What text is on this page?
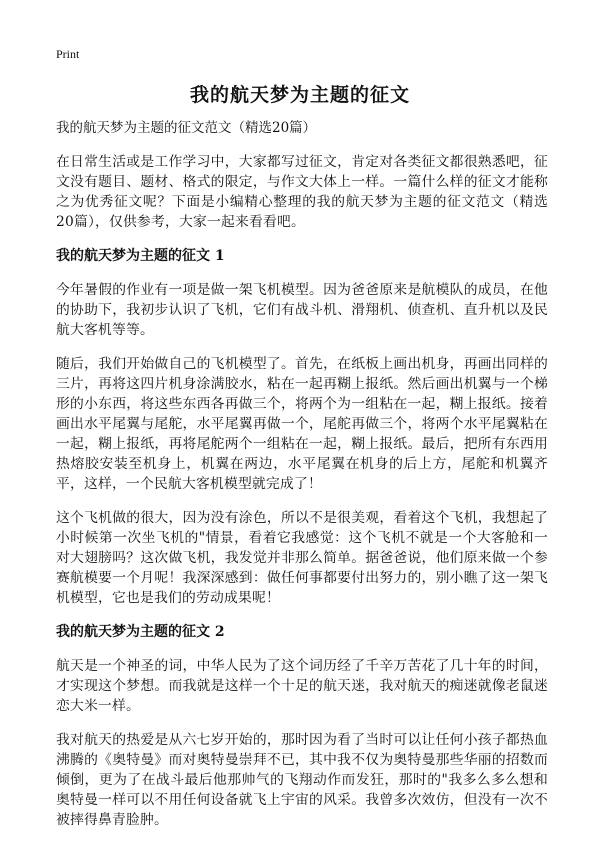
Print
我的航天梦为主题的征文
我的航天梦为主题的征文范文（精选20篇）

在日常生活或是工作学习中，大家都写过征文，肯定对各类征文都很熟悉吧，征文没有题目、题材、格式的限定，与作文大体上一样。一篇什么样的征文才能称之为优秀征文呢？下面是小编精心整理的我的航天梦为主题的征文范文（精选20篇），仅供参考，大家一起来看看吧。

我的航天梦为主题的征文 1

今年暑假的作业有一项是做一架飞机模型。因为爸爸原来是航模队的成员，在他的协助下，我初步认识了飞机，它们有战斗机、滑翔机、侦查机、直升机以及民航大客机等等。

随后，我们开始做自己的飞机模型了。首先，在纸板上画出机身，再画出同样的三片，再将这四片机身涂满胶水，粘在一起再糊上报纸。然后画出机翼与一个梯形的小东西，将这些东西各再做三个，将两个为一组粘在一起，糊上报纸。接着画出水平尾翼与尾舵，水平尾翼再做一个，尾舵再做三个，将两个水平尾翼粘在一起，糊上报纸，再将尾舵两个一组粘在一起，糊上报纸。最后，把所有东西用热熔胶安装至机身上，机翼在两边，水平尾翼在机身的后上方，尾舵和机翼齐平，这样，一个民航大客机模型就完成了！

这个飞机做的很大，因为没有涂色，所以不是很美观，看着这个飞机，我想起了小时候第一次坐飞机的"情景，看着它我感觉：这个飞机不就是一个大客舱和一对大翅膀吗？这次做飞机，我发觉并非那么简单。据爸爸说，他们原来做一个参赛航模要一个月呢！我深深感到：做任何事都要付出努力的，别小瞧了这一架飞机模型，它也是我们的劳动成果呢！

我的航天梦为主题的征文 2

航天是一个神圣的词，中华人民为了这个词历经了千辛万苦花了几十年的时间，才实现这个梦想。而我就是这样一个十足的航天迷，我对航天的痴迷就像老鼠迷恋大米一样。

我对航天的热爱是从六七岁开始的，那时因为看了当时可以让任何小孩子都热血沸腾的《奥特曼》而对奥特曼崇拜不已，其中我不仅为奥特曼那些华丽的招数而倾倒，更为了在战斗最后他那帅气的飞翔动作而发狂，那时的"我多么多么想和奥特曼一样可以不用任何设备就飞上宇宙的风采。我曾多次效仿，但没有一次不被摔得鼻青脸肿。
